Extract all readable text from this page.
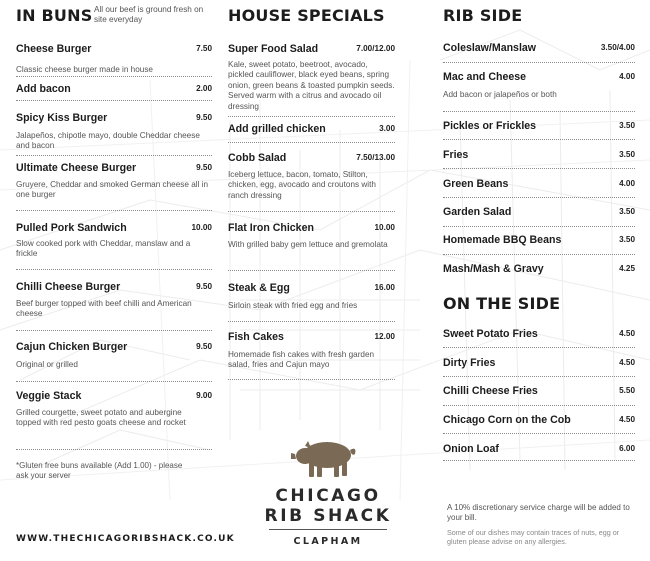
IN BUNS All our beef is ground fresh on site everyday
Cheese Burger	7.50
Classic cheese burger made in house
Add bacon	2.00
Spicy Kiss Burger	9.50
Jalapeños, chipotle mayo, double Cheddar cheese and bacon
Ultimate Cheese Burger	9.50
Gruyere, Cheddar and smoked German cheese all in one burger
Pulled Pork Sandwich	10.00
Slow cooked pork with Cheddar, manslaw and a frickle
Chilli Cheese Burger	9.50
Beef burger topped with beef chilli and American cheese
Cajun Chicken Burger	9.50
Original or grilled
Veggie Stack	9.00
Grilled courgette, sweet potato and aubergine topped with red pesto goats cheese and rocket
*Gluten free buns available (Add 1.00) - please ask your server
WWW.THECHICAGORIBSHACK.CO.UK
HOUSE SPECIALS
Super Food Salad	7.00/12.00
Kale, sweet potato, beetroot, avocado, pickled cauliflower, black eyed beans, spring onion, green beans & toasted pumpkin seeds. Served warm with a citrus and avocado oil dressing
Add grilled chicken	3.00
Cobb Salad	7.50/13.00
Iceberg lettuce, bacon, tomato, Stilton, chicken, egg, avocado and croutons with ranch dressing
Flat Iron Chicken	10.00
With grilled baby gem lettuce and gremolata
Steak & Egg	16.00
Sirloin steak with fried egg and fries
Fish Cakes	12.00
Homemade fish cakes with fresh garden salad, fries and Cajun mayo
CHICAGO
RIB SHACK
CLAPHAM
RIB SIDE
Coleslaw/Manslaw	3.50/4.00
Mac and Cheese	4.00
Add bacon or jalapeños or both
Pickles or Frickles	3.50
Fries	3.50
Green Beans	4.00
Garden Salad	3.50
Homemade BBQ Beans	3.50
Mash/Mash & Gravy	4.25
ON THE SIDE
Sweet Potato Fries	4.50
Dirty Fries	4.50
Chilli Cheese Fries	5.50
Chicago Corn on the Cob	4.50
Onion Loaf	6.00
A 10% discretionary service charge will be added to your bill.
Some of our dishes may contain traces of nuts, egg or gluten please advise on any allergies.
